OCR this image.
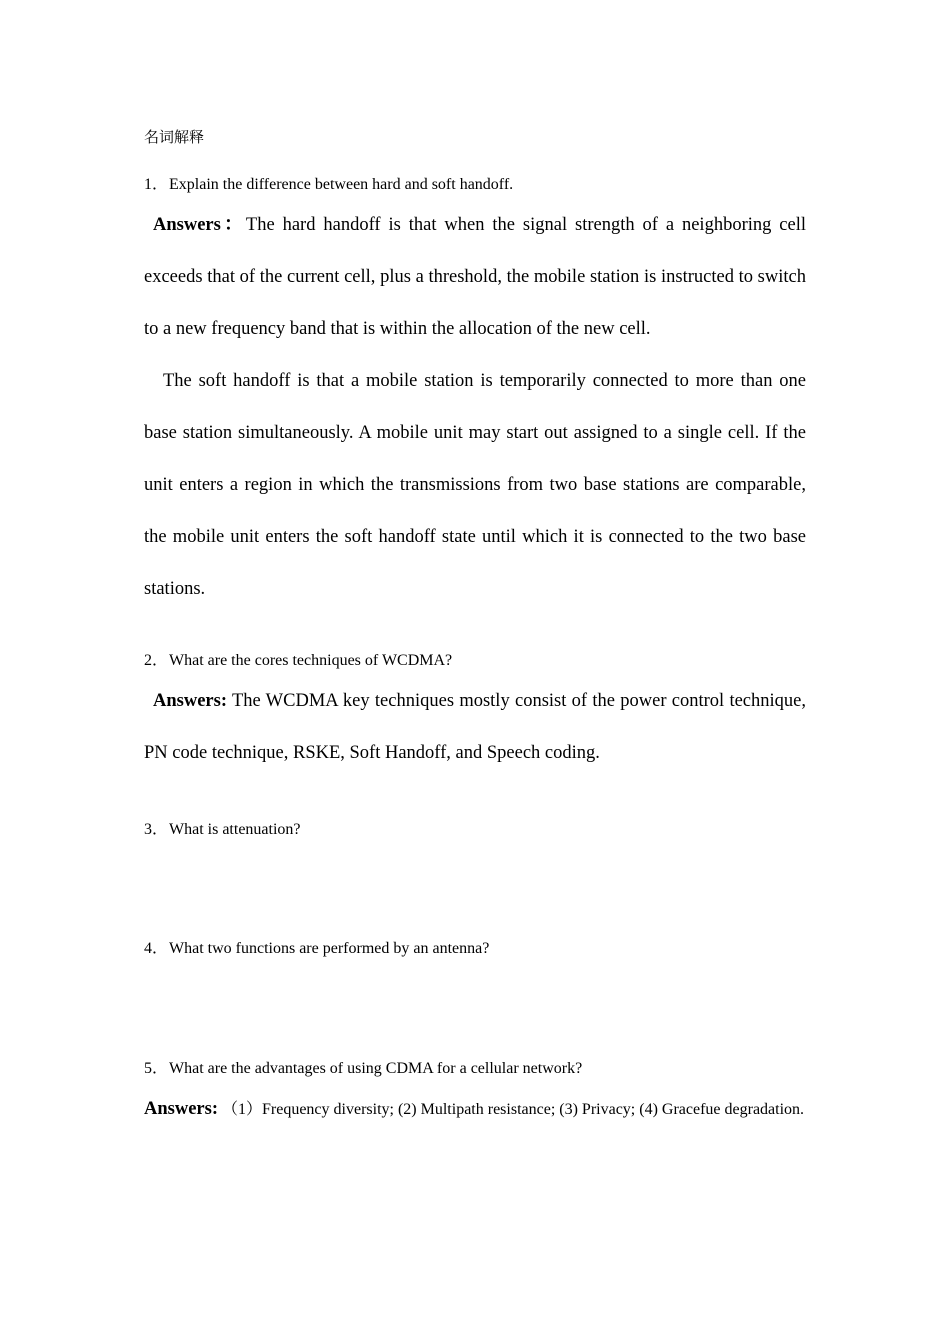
名词解释
1．Explain the difference between hard and soft handoff.

Answers：The hard handoff is that when the signal strength of a neighboring cell exceeds that of the current cell, plus a threshold, the mobile station is instructed to switch to a new frequency band that is within the allocation of the new cell.

The soft handoff is that a mobile station is temporarily connected to more than one base station simultaneously. A mobile unit may start out assigned to a single cell. If the unit enters a region in which the transmissions from two base stations are comparable, the mobile unit enters the soft handoff state until which it is connected to the two base stations.

2．What are the cores techniques of WCDMA?

Answers: The WCDMA key techniques mostly consist of the power control technique, PN code technique, RSKE, Soft Handoff, and Speech coding.

3．What is attenuation?
4．What two functions are performed by an antenna?
5．What are the advantages of using CDMA for a cellular network?

Answers: （1）Frequency diversity; (2) Multipath resistance; (3) Privacy; (4) Gracefue degradation.
